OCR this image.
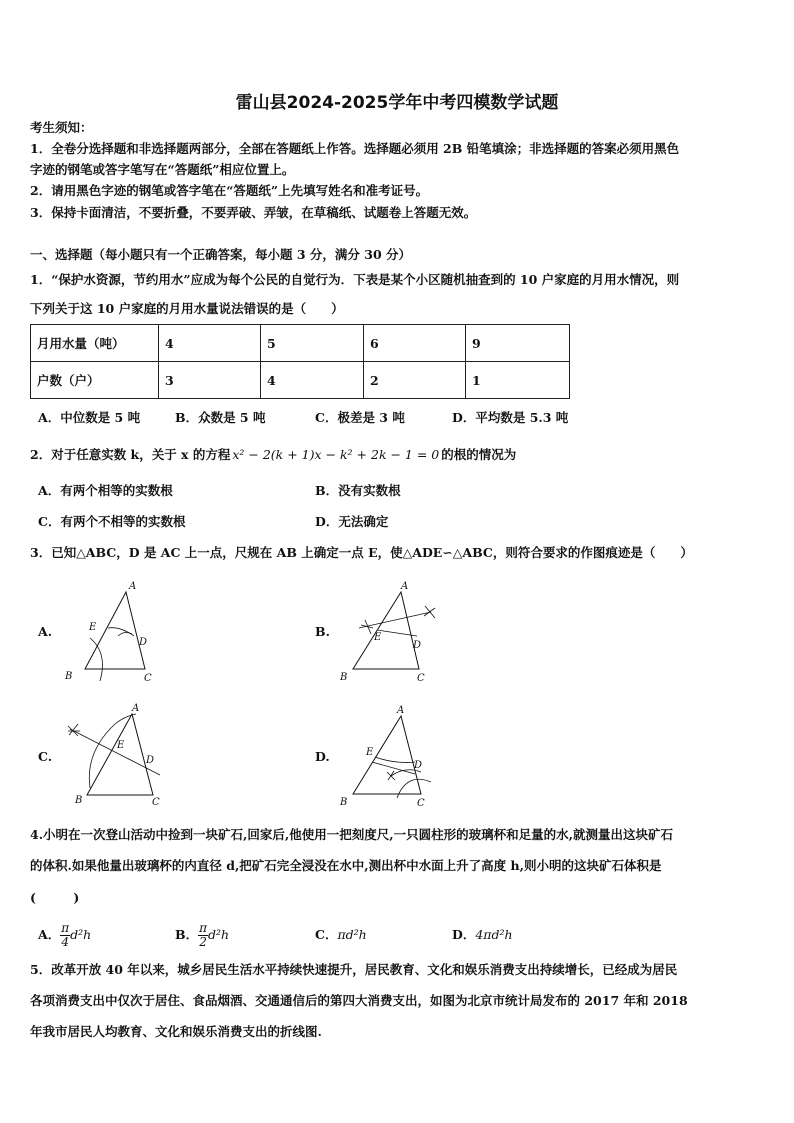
雷山县2024-2025学年中考四模数学试题
考生须知：
1．全卷分选择题和非选择题两部分，全部在答题纸上作答。选择题必须用 2B 铅笔填涂；非选择题的答案必须用黑色
字迹的钢笔或答字笔写在“答题纸”相应位置上。
2．请用黑色字迹的钢笔或答字笔在“答题纸”上先填写姓名和准考证号。
3．保持卡面清洁，不要折叠，不要弄破、弄皱，在草稿纸、试题卷上答题无效。
一、选择题（每小题只有一个正确答案，每小题 3 分，满分 30 分）
1．“保护水资源，节约用水”应成为每个公民的自觉行为．下表是某个小区随机抽查到的 10 户家庭的月用水情况，则
下列关于这 10 户家庭的月用水量说法错误的是（　　）
月用水量（吨）	4	5	6	9
户数（户）	3	4	2	1
A．中位数是 5 吨	B．众数是 5 吨	C．极差是 3 吨	D．平均数是 5.3 吨
2．对于任意实数 k，关于 x 的方程 x² − 2(k + 1)x − k² + 2k − 1 = 0 的根的情况为
A．有两个相等的实数根	B．没有实数根
C．有两个不相等的实数根	D．无法确定
3．已知△ABC，D 是 AC 上一点，尺规在 AB 上确定一点 E，使△ADE∽△ABC，则符合要求的作图痕迹是（　　）
A.	B.
C.	D.
A
E
D
B	C
A
E
D
B	C
A
E
D
B	C
A
E
D
B	C
4.小明在一次登山活动中捡到一块矿石,回家后,他使用一把刻度尺,一只圆柱形的玻璃杯和足量的水,就测量出这块矿石
的体积.如果他量出玻璃杯的内直径 d,把矿石完全浸没在水中,测出杯中水面上升了高度 h,则小明的这块矿石体积是
(　　　)
A． $\frac{\pi}{4} d^2h$	B． $\frac{\pi}{2} d^2h$	C． πd²h	D． 4πd²h
5．改革开放 40 年以来，城乡居民生活水平持续快速提升，居民教育、文化和娱乐消费支出持续增长，已经成为居民
各项消费支出中仅次于居住、食品烟酒、交通通信后的第四大消费支出，如图为北京市统计局发布的 2017 年和 2018
年我市居民人均教育、文化和娱乐消费支出的折线图.
